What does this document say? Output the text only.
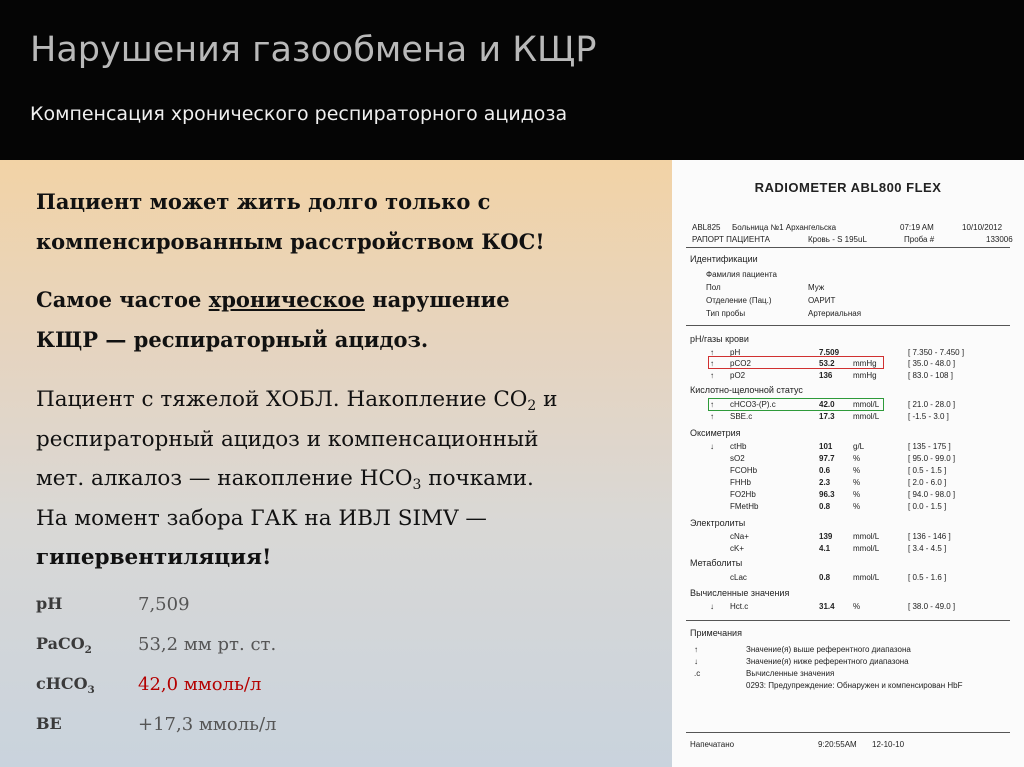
Нарушения газообмена и КЩР
Компенсация хронического респираторного ацидоза
Пациент может жить долго только с
компенсированным расстройством КОС!
Самое частое хроническое нарушение
КЩР — респираторный ацидоз.
Пациент с тяжелой ХОБЛ. Накопление $СО_2$ и
респираторный ацидоз и компенсационный
мет. алкалоз — накопление $НСО_3$ почками.
На момент забора ГАК на ИВЛ SIMV —
гипервентиляция!
pH	7,509
PaCO$_2$	53,2 мм рт. ст.
cHCO$_3$ 42,0 ммоль/л
BE	+17,3 ммоль/л
RADIOMETER ABL800 FLEX
ABL825 Больница №1 Архангельска	07:19 AM	10/10/2012
РАПОРТ ПАЦИЕНТА	Кровь - S 195uL	Проба #	133006
Идентификации
Фамилия пациента
Пол	Муж
Отделение (Пац.)	ОАРИТ
Тип пробы	Артериальная
рН/газы крови
↑ pH	7.509	[ 7.350 - 7.450 ]
↑ pCO2	53.2 mmHg	[ 35.0 - 48.0 ]
↑ pO2	136	mmHg	[ 83.0 - 108 ]
Кислотно-щелочной статус
↑ cHCO3-(P).c	42.0 mmol/L	[ 21.0 - 28.0 ]
↑ SBE.c	17.3 mmol/L	[ -1.5 - 3.0 ]
Оксиметрия
↓ ctHb	101	g/L	[ 135 - 175 ]
sO2	97.7 %	[ 95.0 - 99.0 ]
FCOHb	0.6	%	[ 0.5 - 1.5 ]
FHHb	2.3	%	[ 2.0 - 6.0 ]
FO2Hb	96.3 %	[ 94.0 - 98.0 ]
FMetHb	0.8	%	[ 0.0 - 1.5 ]
Электролиты
cNa+	139	mmol/L	[ 136 - 146 ]
cK+	4.1	mmol/L	[ 3.4 - 4.5 ]
Метаболиты
cLac	0.8	mmol/L	[ 0.5 - 1.6 ]
Вычисленные значения
↓ Hct.c	31.4 %	[ 38.0 - 49.0 ]
Примечания
↑	Значение(я) выше референтного диапазона
↓	Значение(я) ниже референтного диапазона
.c	Вычисленные значения
0293: Предупреждение: Обнаружен и компенсирован HbF
Напечатано	9:20:55AM 12-10-10
